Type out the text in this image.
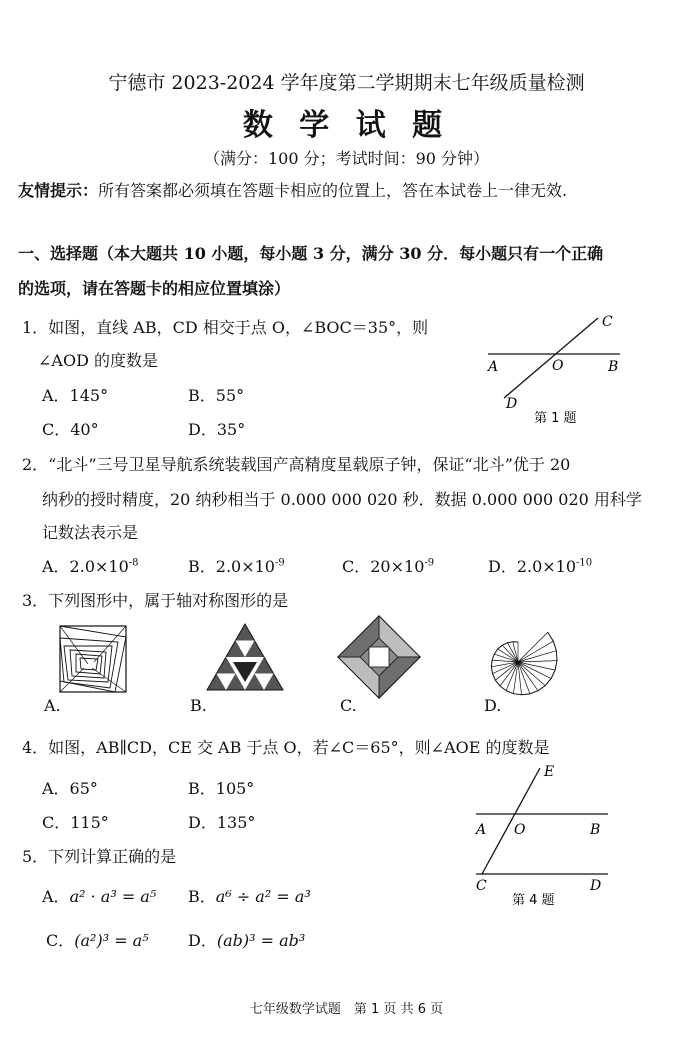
宁德市 2023-2024 学年度第二学期期末七年级质量检测
数 学 试 题
（满分：100 分；考试时间：90 分钟）
友情提示：所有答案都必须填在答题卡相应的位置上，答在本试卷上一律无效.
一、选择题（本大题共 10 小题，每小题 3 分，满分 30 分．每小题只有一个正确
的选项，请在答题卡的相应位置填涂）
1．如图，直线 AB，CD 相交于点 O，∠BOC＝35°，则
∠AOD 的度数是
A．145°	B．55°
C．40°	D．35°
C
A	O	B
D
第 1 题
2．“北斗”三号卫星导航系统装载国产高精度星载原子钟，保证“北斗”优于 20
纳秒的授时精度，20 纳秒相当于 0.000 000 020 秒．数据 0.000 000 020 用科学
记数法表示是
A．$2.0\times 10^{-8}$	B．$2.0\times 10^{-9}$	C．$20\times 10^{-9}$	D．$2.0\times 10^{-10}$
3．下列图形中，属于轴对称图形的是
A.	B.	C.	D.
4．如图，AB∥CD，CE 交 AB 于点 O，若∠C＝65°，则∠AOE 的度数是
A．65°	B．105°
C．115°	D．135°
E
A O	B
C	D
第 4 题
5．下列计算正确的是
A．a² · a³ = a⁵ B．a⁶ ÷ a² = a³
C．(a²)³ = a⁵ D．(ab)³ = ab³
七年级数学试题　第 1 页 共 6 页
